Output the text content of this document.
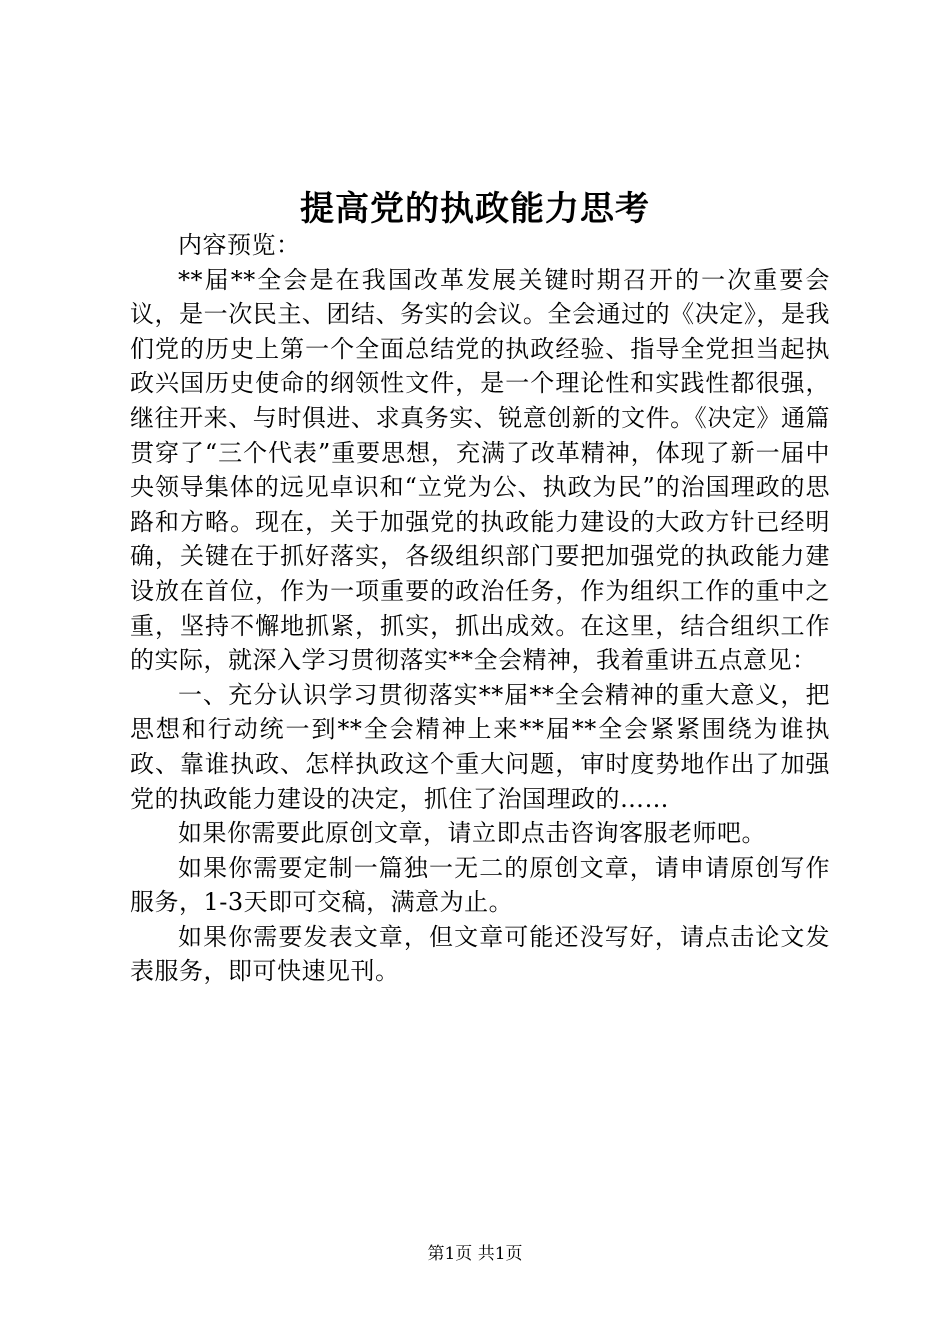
提高党的执政能力思考

内容预览：

**届**全会是在我国改革发展关键时期召开的一次重要会议，是一次民主、团结、务实的会议。全会通过的《决定》，是我们党的历史上第一个全面总结党的执政经验、指导全党担当起执政兴国历史使命的纲领性文件，是一个理论性和实践性都很强，继往开来、与时俱进、求真务实、锐意创新的文件。《决定》通篇贯穿了“三个代表”重要思想，充满了改革精神，体现了新一届中央领导集体的远见卓识和“立党为公、执政为民”的治国理政的思路和方略。现在，关于加强党的执政能力建设的大政方针已经明确，关键在于抓好落实，各级组织部门要把加强党的执政能力建设放在首位，作为一项重要的政治任务，作为组织工作的重中之重，坚持不懈地抓紧，抓实，抓出成效。在这里，结合组织工作的实际，就深入学习贯彻落实**全会精神，我着重讲五点意见：

一、充分认识学习贯彻落实**届**全会精神的重大意义，把思想和行动统一到**全会精神上来**届**全会紧紧围绕为谁执政、靠谁执政、怎样执政这个重大问题，审时度势地作出了加强党的执政能力建设的决定，抓住了治国理政的……

如果你需要此原创文章，请立即点击咨询客服老师吧。

如果你需要定制一篇独一无二的原创文章，请申请原创写作服务，1-3天即可交稿，满意为止。

如果你需要发表文章，但文章可能还没写好，请点击论文发表服务，即可快速见刊。

第1页 共1页
